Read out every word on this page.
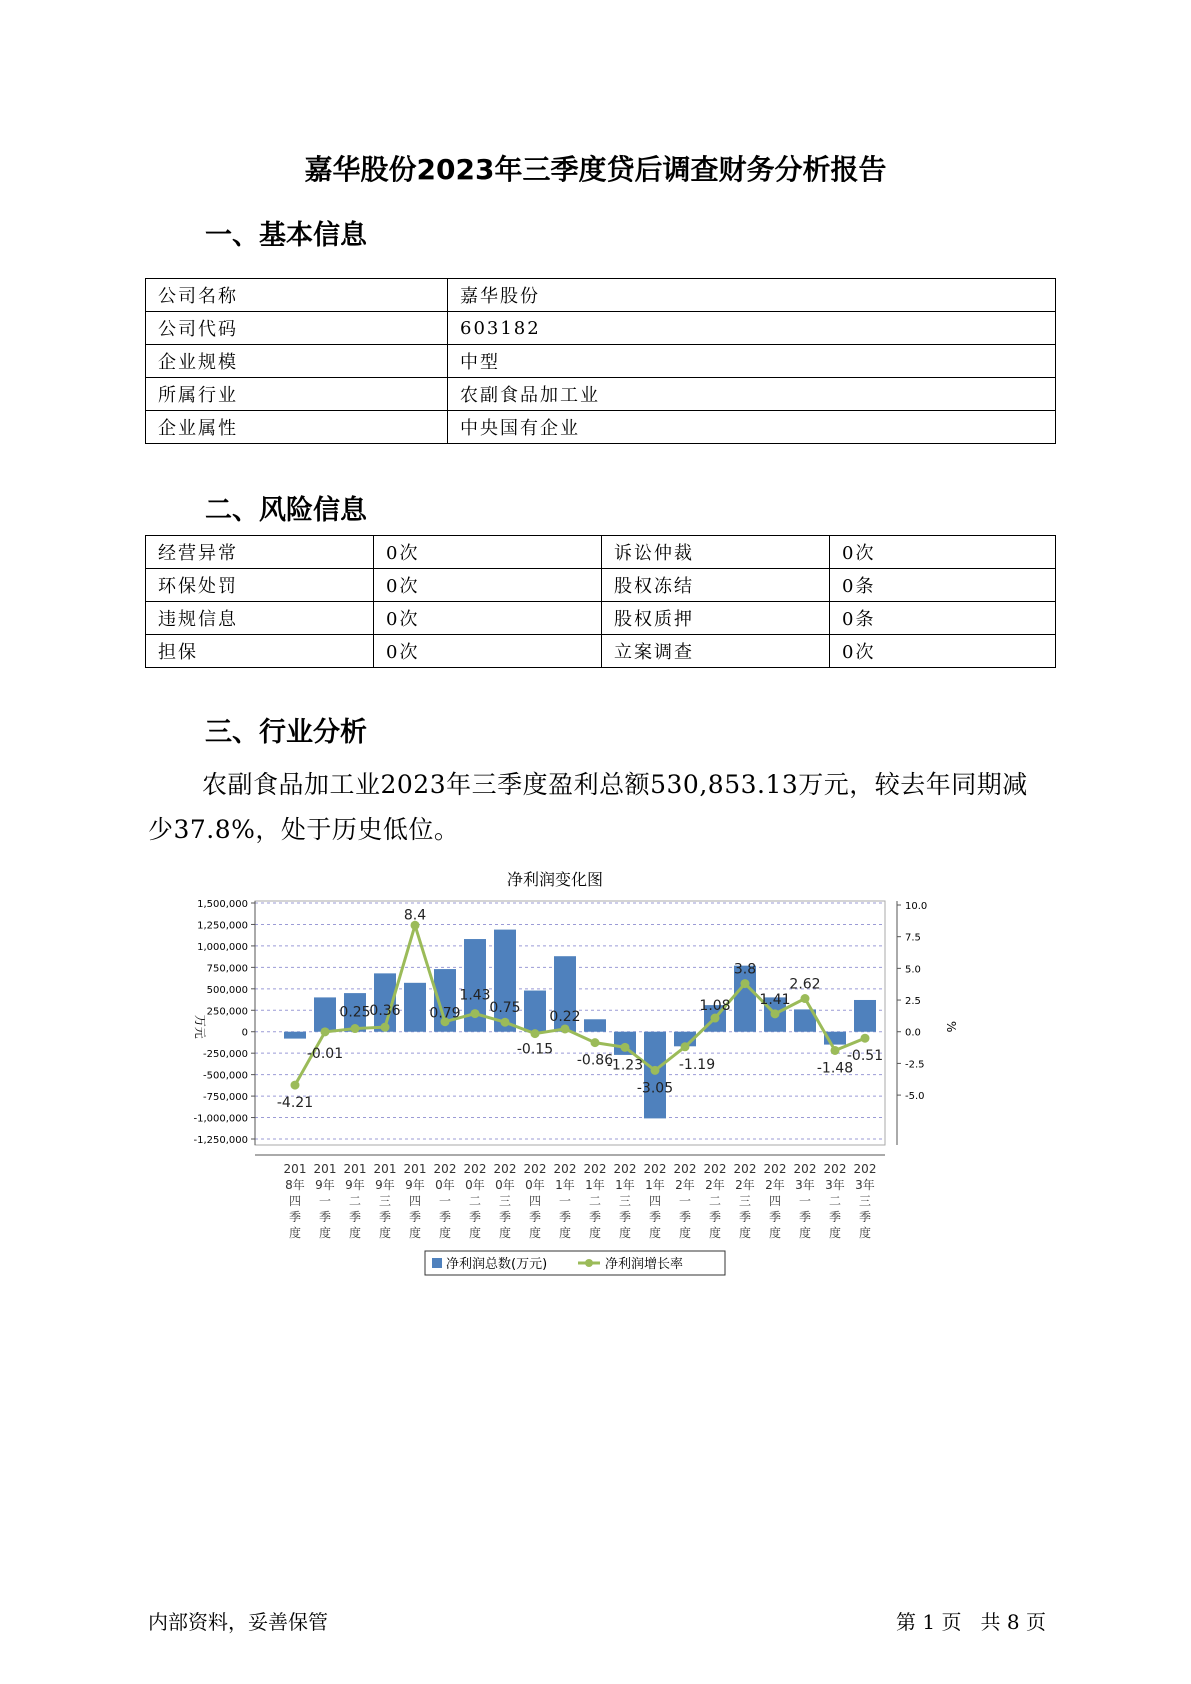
嘉华股份2023年三季度贷后调查财务分析报告
一、基本信息
公司名称	嘉华股份
公司代码	603182
企业规模	中型
所属行业	农副食品加工业
企业属性	中央国有企业
二、风险信息
经营异常	0次	诉讼仲裁	0次
环保处罚	0次	股权冻结	0条
违规信息	0次	股权质押	0条
担保	0次	立案调查	0次
三、行业分析
农副食品加工业2023年三季度盈利总额530,853.13万元，较去年同期减少37.8%，处于历史低位。
净利润变化图
1,500,000
1,250,000
1,000,000
750,000
500,000
250,000
0
-250,000
-500,000
-750,000
-1,000,000
-1,250,000
万元
10.0
7.5
5.0
2.5
0.0
-2.5
-5.0
%
-4.21
-0.01
0.25
0.36
8.4
0.79
1.43
0.75
-0.15
0.22
-0.86
-1.23
-3.05
-1.19
1.08
3.8
1.41
2.62
-1.48
-0.51
201
8年
四
季
度
201
9年
一
季
度
201
9年
二
季
度
201
9年
三
季
度
201
9年
四
季
度
202
0年
一
季
度
202
0年
二
季
度
202
0年
三
季
度
202
0年
四
季
度
202
1年
一
季
度
202
1年
二
季
度
202
1年
三
季
度
202
1年
四
季
度
202
2年
一
季
度
202
2年
二
季
度
202
2年
三
季
度
202
2年
四
季
度
202
3年
一
季
度
202
3年
二
季
度
202
3年
三
季
度
净利润总数(万元)	净利润增长率
内部资料，妥善保管	第 1 页   共 8 页
